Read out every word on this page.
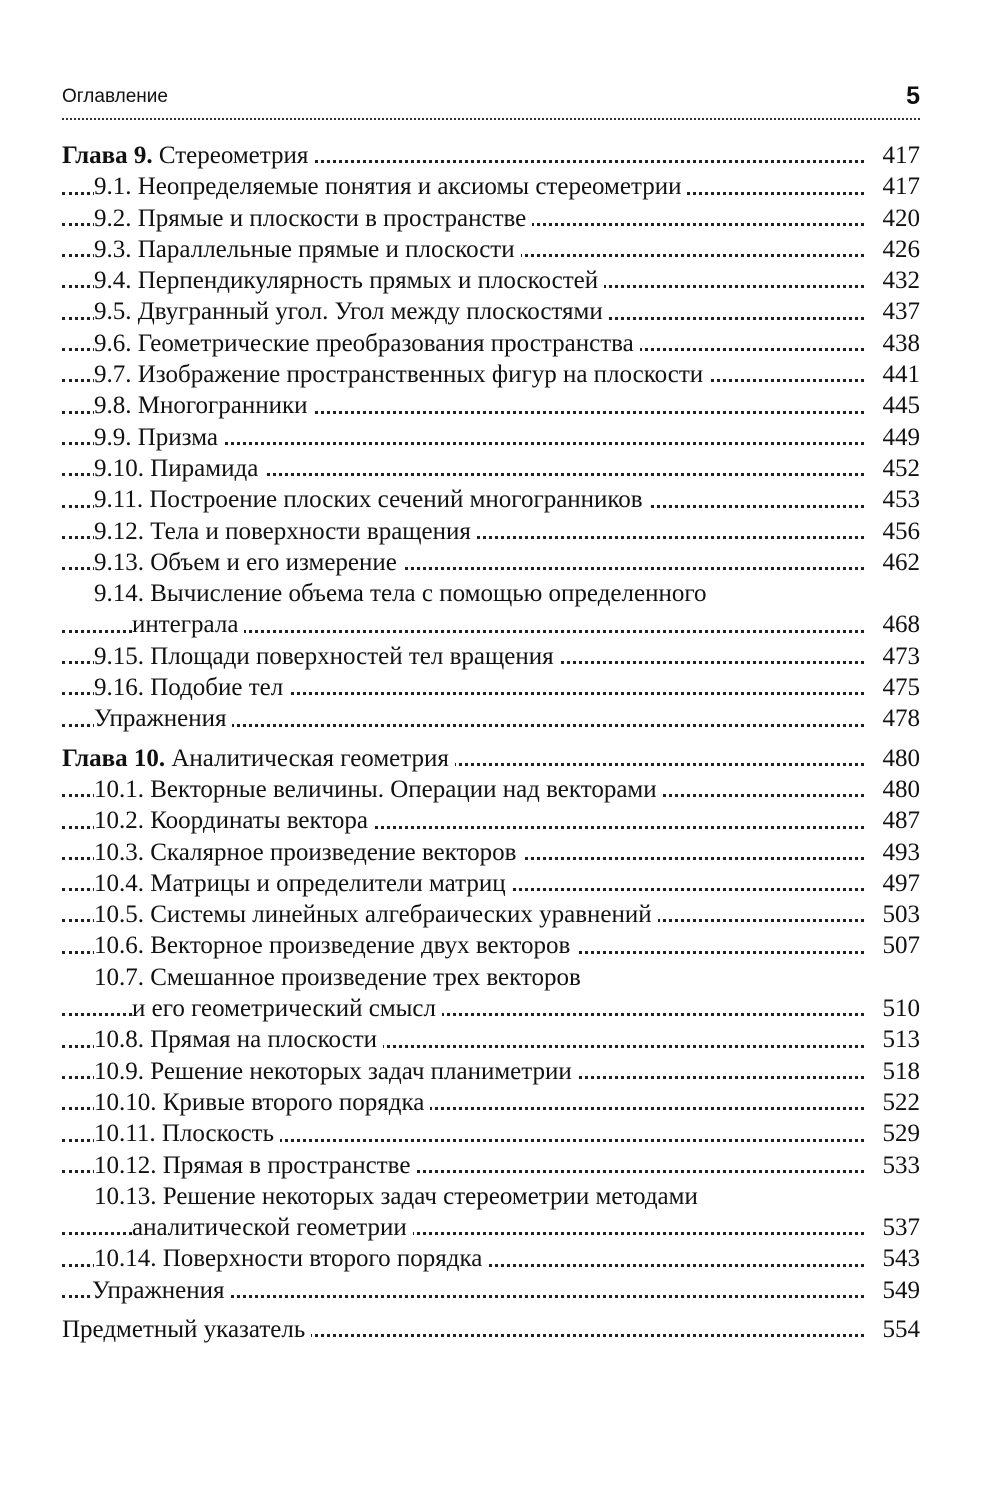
Оглавление	5
Глава 9. Стереометрия	417
9.1. Неопределяемые понятия и аксиомы стереометрии	417
9.2. Прямые и плоскости в пространстве	420
9.3. Параллельные прямые и плоскости	426
9.4. Перпендикулярность прямых и плоскостей	432
9.5. Двугранный угол. Угол между плоскостями	437
9.6. Геометрические преобразования пространства	438
9.7. Изображение пространственных фигур на плоскости	441
9.8. Многогранники	445
9.9. Призма	449
9.10. Пирамида	452
9.11. Построение плоских сечений многогранников	453
9.12. Тела и поверхности вращения	456
9.13. Объем и его измерение	462
9.14. Вычисление объема тела с помощью определенного
интеграла	468
9.15. Площади поверхностей тел вращения	473
9.16. Подобие тел	475
Упражнения	478
Глава 10. Аналитическая геометрия	480
10.1. Векторные величины. Операции над векторами	480
10.2. Координаты вектора	487
10.3. Скалярное произведение векторов	493
10.4. Матрицы и определители матриц	497
10.5. Системы линейных алгебраических уравнений	503
10.6. Векторное произведение двух векторов	507
10.7. Смешанное произведение трех векторов
и его геометрический смысл	510
10.8. Прямая на плоскости	513
10.9. Решение некоторых задач планиметрии	518
10.10. Кривые второго порядка	522
10.11. Плоскость	529
10.12. Прямая в пространстве	533
10.13. Решение некоторых задач стереометрии методами
аналитической геометрии	537
10.14. Поверхности второго порядка	543
Упражнения	549
Предметный указатель	554
